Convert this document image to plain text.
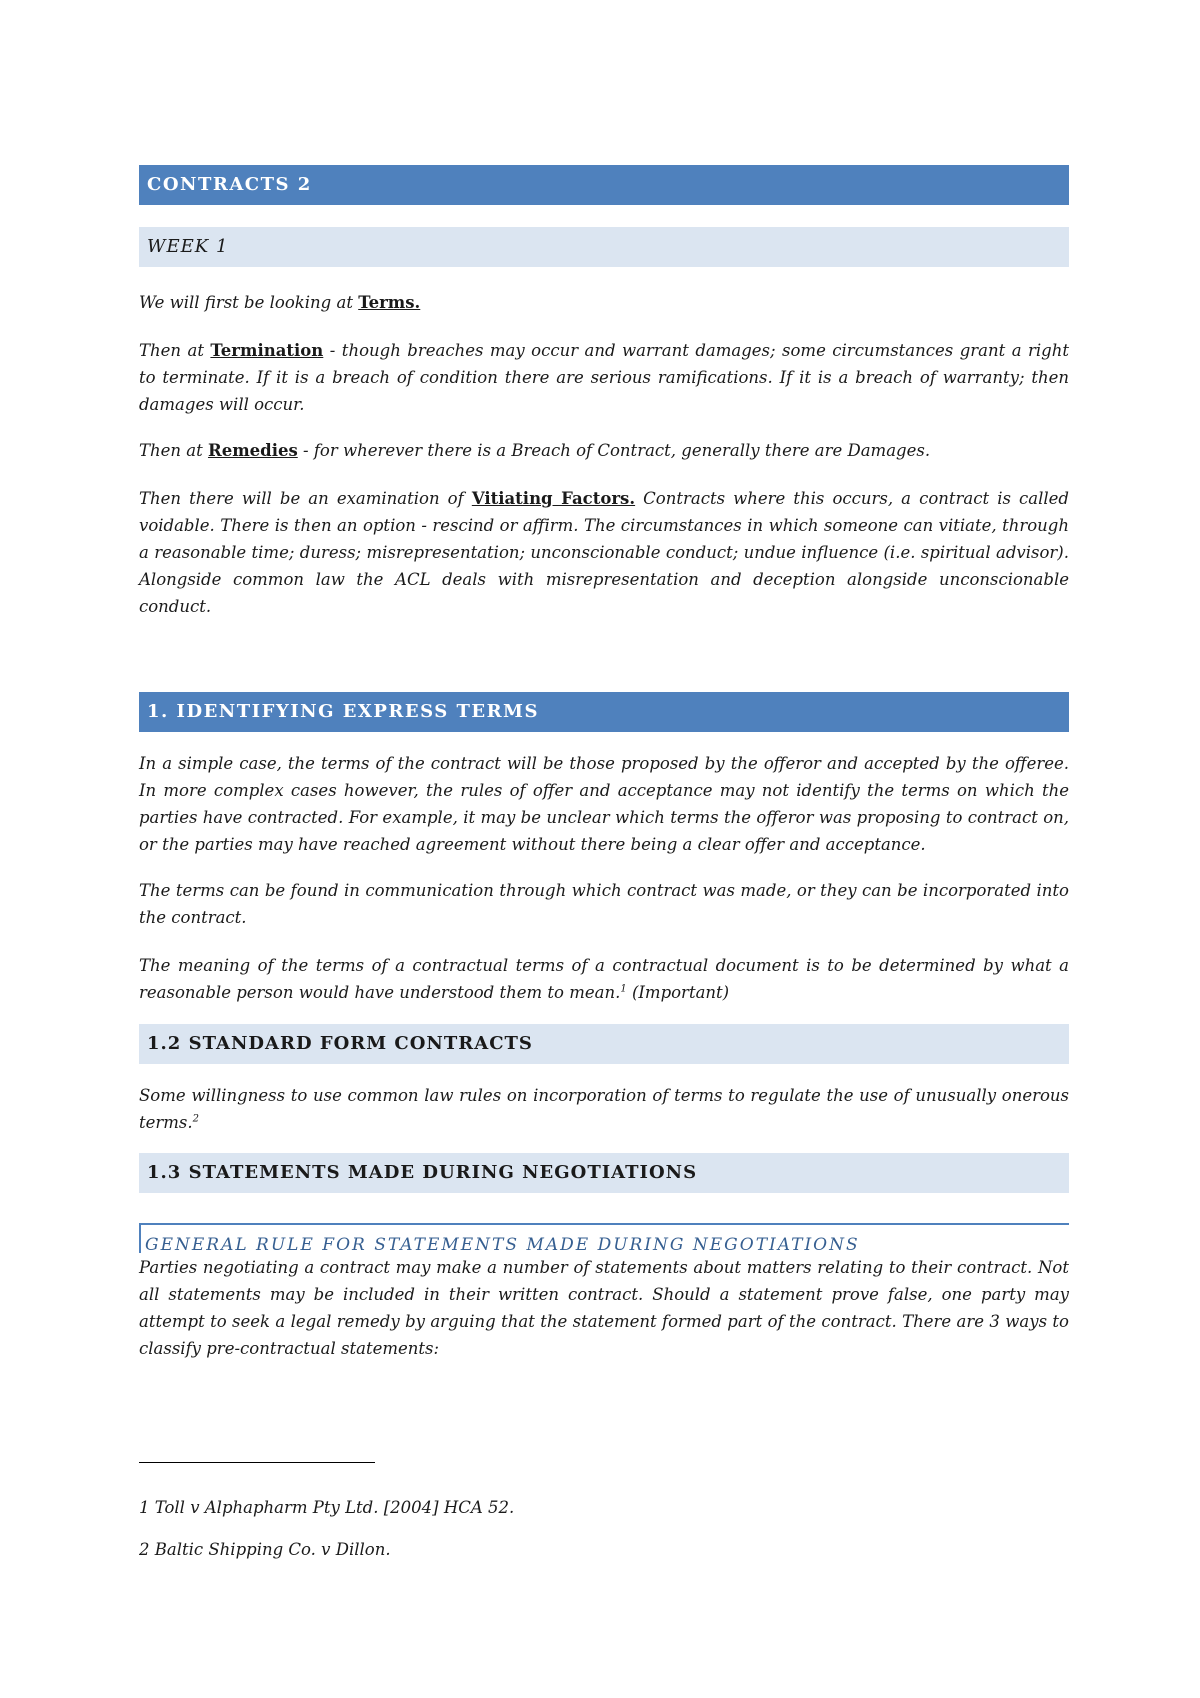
CONTRACTS 2
WEEK 1

We will first be looking at Terms.

Then at Termination - though breaches may occur and warrant damages; some circumstances grant a right to terminate. If it is a breach of condition there are serious ramifications. If it is a breach of warranty; then damages will occur.

Then at Remedies - for wherever there is a Breach of Contract, generally there are Damages.

Then there will be an examination of Vitiating Factors. Contracts where this occurs, a contract is called voidable. There is then an option - rescind or affirm. The circumstances in which someone can vitiate, through a reasonable time; duress; misrepresentation; unconscionable conduct; undue influence (i.e. spiritual advisor). Alongside common law the ACL deals with misrepresentation and deception alongside unconscionable conduct.

1. IDENTIFYING EXPRESS TERMS

In a simple case, the terms of the contract will be those proposed by the offeror and accepted by the offeree. In more complex cases however, the rules of offer and acceptance may not identify the terms on which the parties have contracted. For example, it may be unclear which terms the offeror was proposing to contract on, or the parties may have reached agreement without there being a clear offer and acceptance.

The terms can be found in communication through which contract was made, or they can be incorporated into the contract.

The meaning of the terms of a contractual terms of a contractual document is to be determined by what a reasonable person would have understood them to mean.$^1$ (Important)

1.2 STANDARD FORM CONTRACTS

Some willingness to use common law rules on incorporation of terms to regulate the use of unusually onerous terms.$^2$

1.3 STATEMENTS MADE DURING NEGOTIATIONS
GENERAL RULE FOR STATEMENTS MADE DURING NEGOTIATIONS

Parties negotiating a contract may make a number of statements about matters relating to their contract. Not all statements may be included in their written contract. Should a statement prove false, one party may attempt to seek a legal remedy by arguing that the statement formed part of the contract. There are 3 ways to classify pre-contractual statements:

1 Toll v Alphapharm Pty Ltd. [2004] HCA 52.
2 Baltic Shipping Co. v Dillon.
